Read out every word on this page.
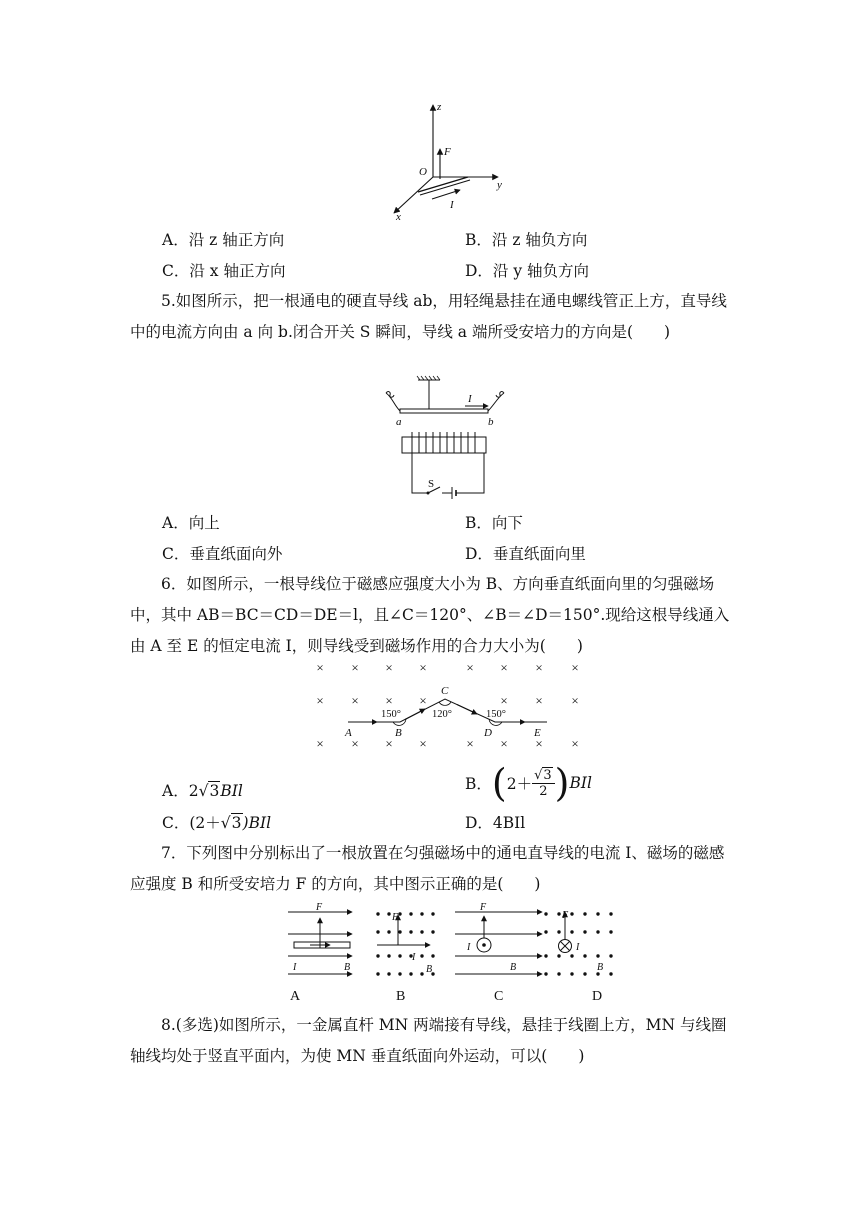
z
y
x
O
F
I
A．沿 z 轴正方向	B．沿 z 轴负方向
C．沿 x 轴正方向	D．沿 y 轴负方向
5.如图所示，把一根通电的硬直导线 ab，用轻绳悬挂在通电螺线管正上方，直导线中的电流方向由 a 向 b.闭合开关 S 瞬间，导线 a 端所受安培力的方向是(　　)
I
a	b
S
A．向上	B．向下
C．垂直纸面向外	D．垂直纸面向里
6．如图所示，一根导线位于磁感应强度大小为 B、方向垂直纸面向里的匀强磁场中，其中 AB＝BC＝CD＝DE＝l，且∠C＝120°、∠B＝∠D＝150°.现给这根导线通入由 A 至 E 的恒定电流 I，则导线受到磁场作用的合力大小为(　　)
× × × ×	× × × ×
× × × ×	× × ×
× × × ×	× × × ×
150°	120°	150°
A	B
C
D	E
A．2√3BIl	B．$(2+ \frac{√3}{2} )BIl$
C．(2＋√3)BIl	D．4BIl
7．下列图中分别标出了一根放置在匀强磁场中的通电直导线的电流 I、磁场的磁感应强度 B 和所受安培力 F 的方向，其中图示正确的是(　　)
F
I	B
F
I
B
F
I
B
F
I
B
A	B	C	D
8.(多选)如图所示，一金属直杆 MN 两端接有导线，悬挂于线圈上方，MN 与线圈轴线均处于竖直平面内，为使 MN 垂直纸面向外运动，可以(　　)
